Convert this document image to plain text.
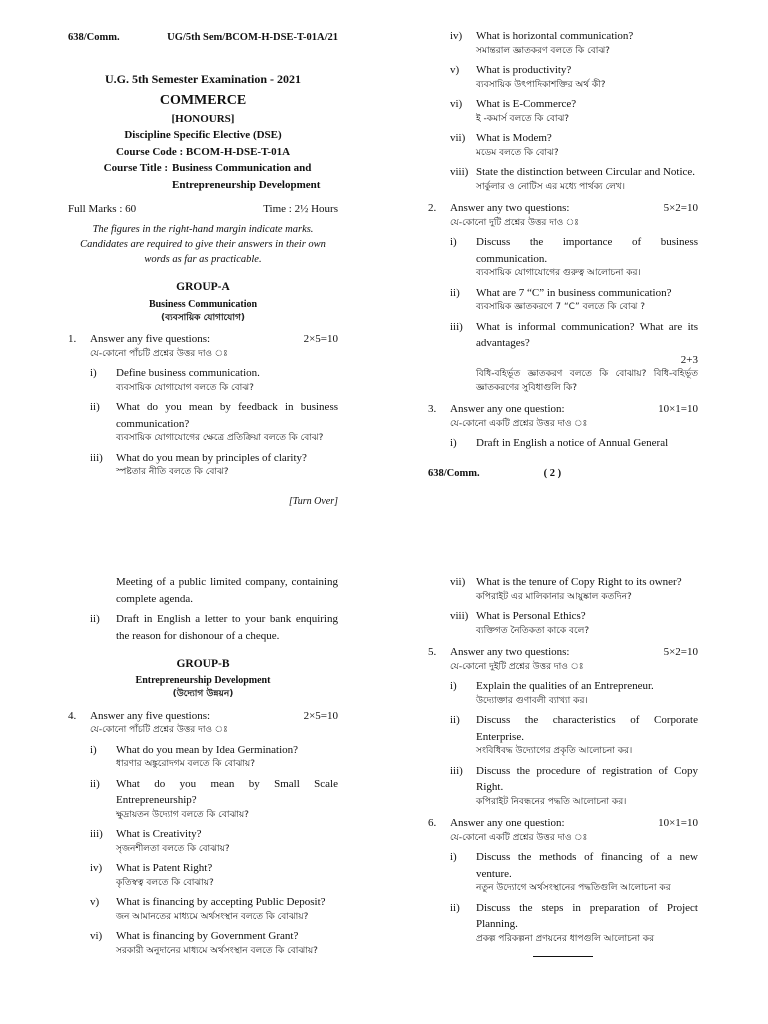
638/Comm.	UG/5th Sem/BCOM-H-DSE-T-01A/21
U.G. 5th Semester Examination - 2021
COMMERCE
[HONOURS]
Discipline Specific Elective (DSE)
Course Code : BCOM-H-DSE-T-01A
Course Title : Business Communication and Entrepreneurship Development
Full Marks : 60	Time : 2½ Hours
The figures in the right-hand margin indicate marks. Candidates are required to give their answers in their own words as far as practicable.
GROUP-A
Business Communication
(ব্যবসায়িক যোগাযোগ)
1.	Answer any five questions:	2×5=10
যে-কোনো পাঁচটি প্রশ্নের উত্তর দাও ঃ
i)	Define business communication.
ব্যবসায়িক যোগাযোগ বলতে কি বোঝ?
ii)	What do you mean by feedback in business communication?
ব্যবসায়িক যোগাযোগের ক্ষেত্রে প্রতিক্রিয়া বলতে কি বোঝ?
iii)	What do you mean by principles of clarity?
স্পষ্টতার নীতি বলতে কি বোঝ?
[Turn Over]
iv)	What is horizontal communication?
সমান্তরাল জ্ঞাতকরণ বলতে কি বোঝ?
v)	What is productivity?
ব্যবসায়িক উৎপাদিকাশক্তির অর্থ কী?
vi)	What is E-Commerce?
ই -কমার্স বলতে কি বোঝ?
vii) What is Modem?
মডেম বলতে কি বোঝ?
viii) State the distinction between Circular and Notice.
সার্কুলার ও নোটিস এর মধ্যে পার্থক্য লেখ।
2.	Answer any two questions:	5×2=10
যে-কোনো দুটি প্রশ্নের উত্তর দাও ঃ
i)	Discuss the importance of business communication.
ব্যবসায়িক যোগাযোগের গুরুত্ব আলোচনা কর।
ii)	What are 7 “C” in business communication?
ব্যবসায়িক জ্ঞাতকরণে 7 “C” বলতে কি বোঝ ?
iii)	What is informal communication? What are its advantages?
2+3
বিধি-বহির্ভূত জ্ঞাতকরণ বলতে কি বোঝায়? বিধি-বহির্ভূত জ্ঞাতকরণের সুবিধাগুলি কি?
3.	Answer any one question:	10×1=10
যে-কোনো একটি প্রশ্নের উত্তর দাও ঃ
i)	Draft in English a notice of Annual General
638/Comm.	( 2 )
Meeting of a public limited company, containing complete agenda.
ii)	Draft in English a letter to your bank enquiring the reason for dishonour of a cheque.
GROUP-B
Entrepreneurship Development
(উদ্যোগ উন্নয়ন)
4.	Answer any five questions:	2×5=10
যে-কোনো পাঁচটি প্রশ্নের উত্তর দাও ঃ
i)	What do you mean by Idea Germination?
ধারণার অঙ্কুরোদগম বলতে কি বোঝায়?
ii)	What do you mean by Small Scale Entrepreneurship?
ক্ষুদ্রায়তন উদ্যোগ বলতে কি বোঝায়?
iii)	What is Creativity?
সৃজনশীলতা বলতে কি বোঝায়?
iv)	What is Patent Right?
কৃতিস্বত্ব বলতে কি বোঝায়?
v)	What is financing by accepting Public Deposit?
জন আমানতের মাধ্যমে অর্থসংস্থান বলতে কি বোঝায়?
vi)	What is financing by Government Grant?
সরকারী অনুদানের মাধ্যমে অর্থসংস্থান বলতে কি বোঝায়?
vii) What is the tenure of Copy Right to its owner?
কপিরাইট এর মালিকানার আয়ুষ্কাল কতদিন?
viii) What is Personal Ethics?
ব্যক্তিগত নৈতিকতা কাকে বলে?
5.	Answer any two questions:	5×2=10
যে-কোনো দুইটি প্রশ্নের উত্তর দাও ঃ
i)	Explain the qualities of an Entrepreneur.
উদ্যোক্তার গুণাবলী ব্যাখ্যা কর।
ii)	Discuss the characteristics of Corporate Enterprise.
সংবিধিবদ্ধ উদ্যোগের প্রকৃতি আলোচনা কর।
iii)	Discuss the procedure of registration of Copy Right.
কপিরাইট নিবন্ধনের পদ্ধতি আলোচনা কর।
6.	Answer any one question:	10×1=10
যে-কোনো একটি প্রশ্নের উত্তর দাও ঃ
i)	Discuss the methods of financing of a new venture.
নতুন উদ্যোগে অর্থসংস্থানের পদ্ধতিগুলি আলোচনা কর
ii)	Discuss the steps in preparation of Project Planning.
প্রকল্প পরিকল্পনা প্রণয়নের ধাপগুলি আলোচনা কর
